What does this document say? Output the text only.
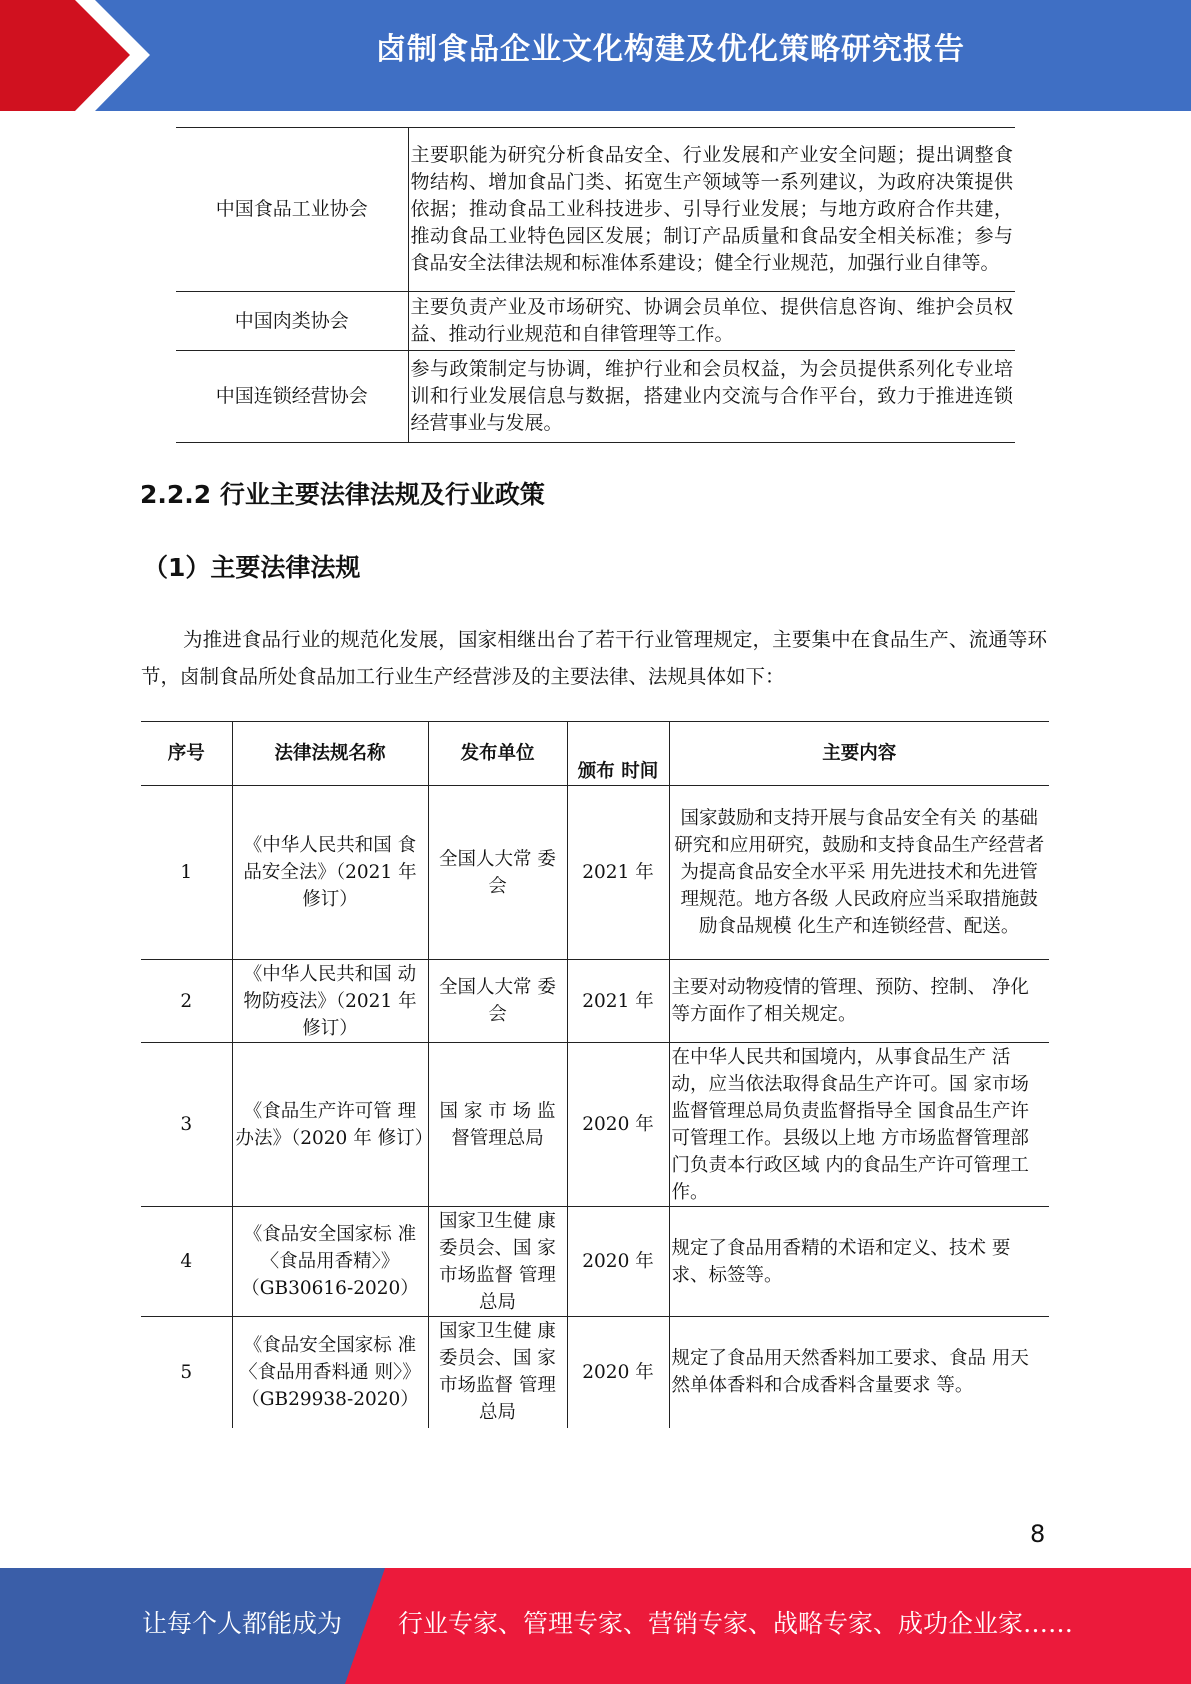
卤制食品企业文化构建及优化策略研究报告
中国食品工业协会	主要职能为研究分析食品安全、行业发展和产业安全问题；提出调整食物结构、增加食品门类、拓宽生产领域等一系列建议，为政府决策提供依据；推动食品工业科技进步、引导行业发展；与地方政府合作共建，推动食品工业特色园区发展；制订产品质量和食品安全相关标准；参与食品安全法律法规和标准体系建设；健全行业规范，加强行业自律等。
中国肉类协会	主要负责产业及市场研究、协调会员单位、提供信息咨询、维护会员权益、推动行业规范和自律管理等工作。
中国连锁经营协会	参与政策制定与协调，维护行业和会员权益，为会员提供系列化专业培训和行业发展信息与数据，搭建业内交流与合作平台，致力于推进连锁经营事业与发展。
2.2.2 行业主要法律法规及行业政策
（1）主要法律法规

为推进食品行业的规范化发展，国家相继出台了若干行业管理规定，主要集中在食品生产、流通等环节，卤制食品所处食品加工行业生产经营涉及的主要法律、法规具体如下：

序号	法律法规名称	发布单位	颁布 时间	主要内容
1	《中华人民共和国 食品安全法》（2021 年修订）	全国人大常 委会	2021 年	国家鼓励和支持开展与食品安全有关 的基础研究和应用研究，鼓励和支持食品生产经营者为提高食品安全水平采 用先进技术和先进管理规范。地方各级 人民政府应当采取措施鼓励食品规模 化生产和连锁经营、配送。
2	《中华人民共和国 动物防疫法》（2021 年修订）	全国人大常 委会	2021 年	主要对动物疫情的管理、预防、控制、 净化等方面作了相关规定。
3	《食品生产许可管 理办法》（2020 年 修订）	国 家 市 场 监督管理总局	2020 年	在中华人民共和国境内，从事食品生产 活动，应当依法取得食品生产许可。国 家市场监督管理总局负责监督指导全 国食品生产许可管理工作。县级以上地 方市场监督管理部门负责本行政区域 内的食品生产许可管理工作。
4	《食品安全国家标 准〈食品用香精〉》（GB30616-2020）	国家卫生健 康委员会、国 家市场监督 管理总局	2020 年	规定了食品用香精的术语和定义、技术 要求、标签等。
5	《食品安全国家标 准〈食品用香料通 则〉》（GB29938-2020）	国家卫生健 康委员会、国 家市场监督 管理总局	2020 年	规定了食品用天然香料加工要求、食品 用天然单体香料和合成香料含量要求 等。
8
让每个人都能成为 行业专家、管理专家、营销专家、战略专家、成功企业家……
